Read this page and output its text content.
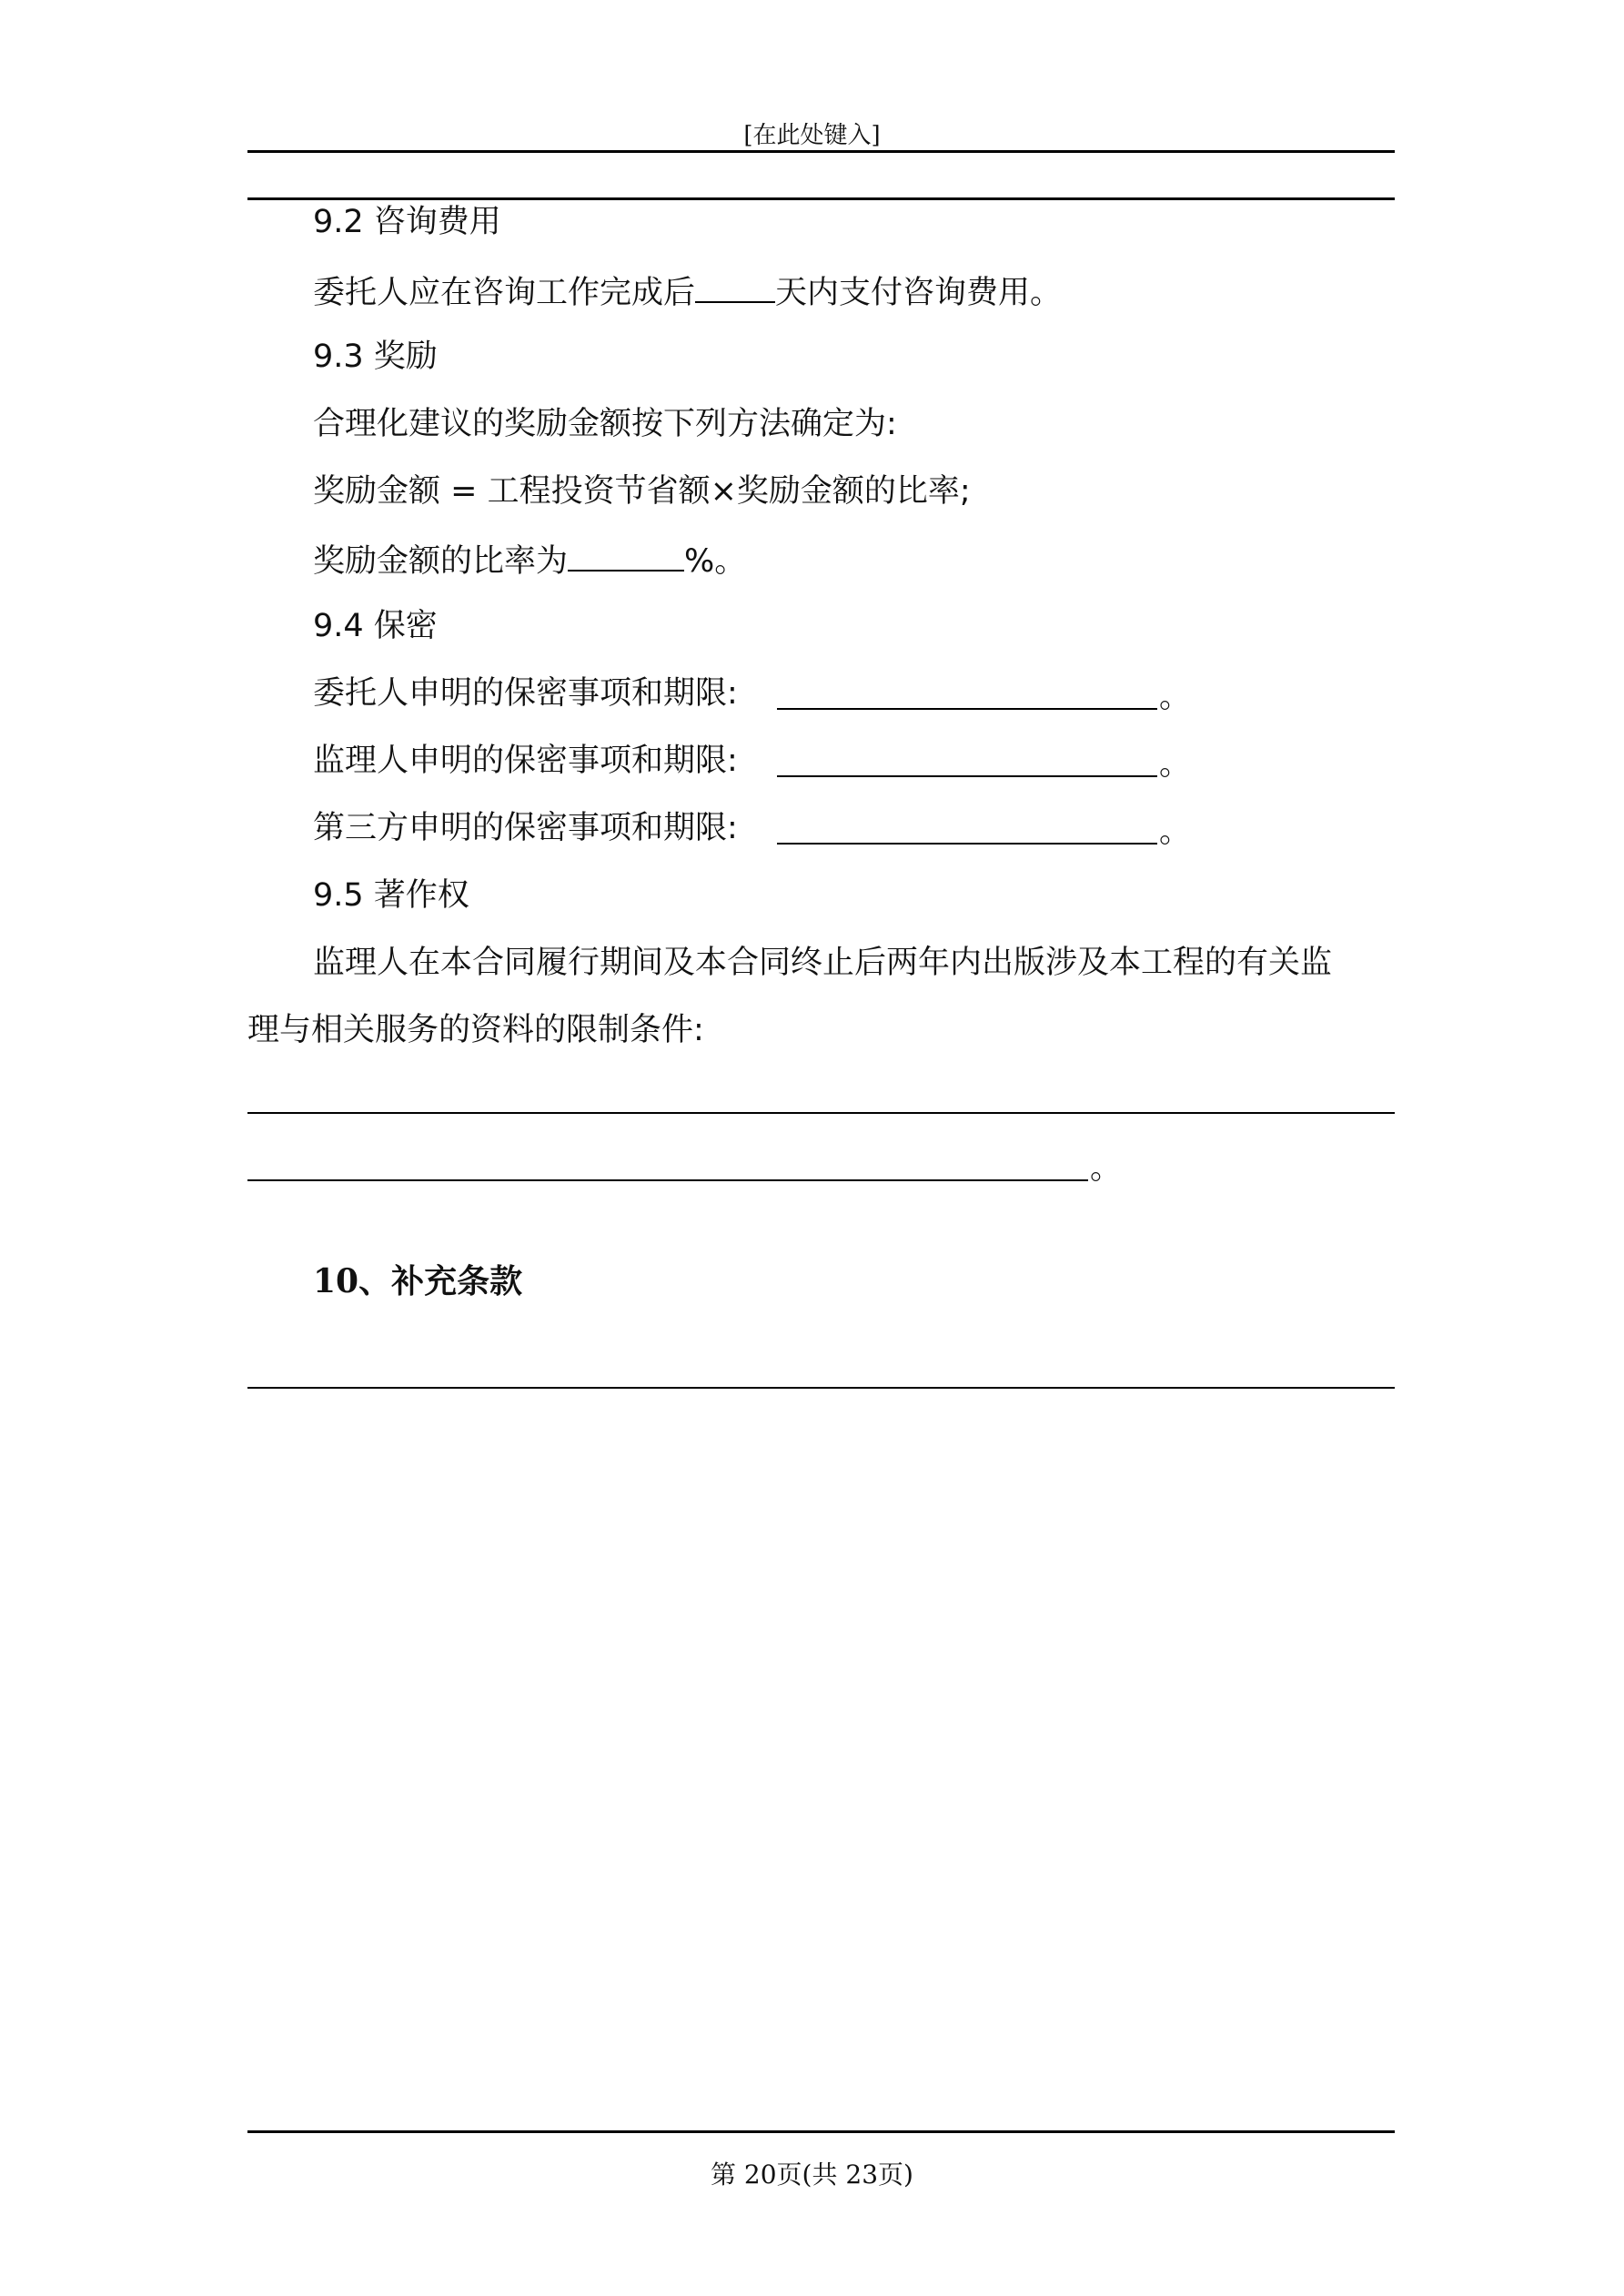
[在此处键入]
9.2 咨询费用
委托人应在咨询工作完成后	天内支付咨询费用。
9.3 奖励
合理化建议的奖励金额按下列方法确定为:
奖励金额 = 工程投资节省额×奖励金额的比率;
奖励金额的比率为	%。
9.4 保密
委托人申明的保密事项和期限:	。
监理人申明的保密事项和期限:	。
第三方申明的保密事项和期限:	。
9.5 著作权
监理人在本合同履行期间及本合同终止后两年内出版涉及本工程的有关监
理与相关服务的资料的限制条件:
。
10、补充条款
第 20页(共 23页)
